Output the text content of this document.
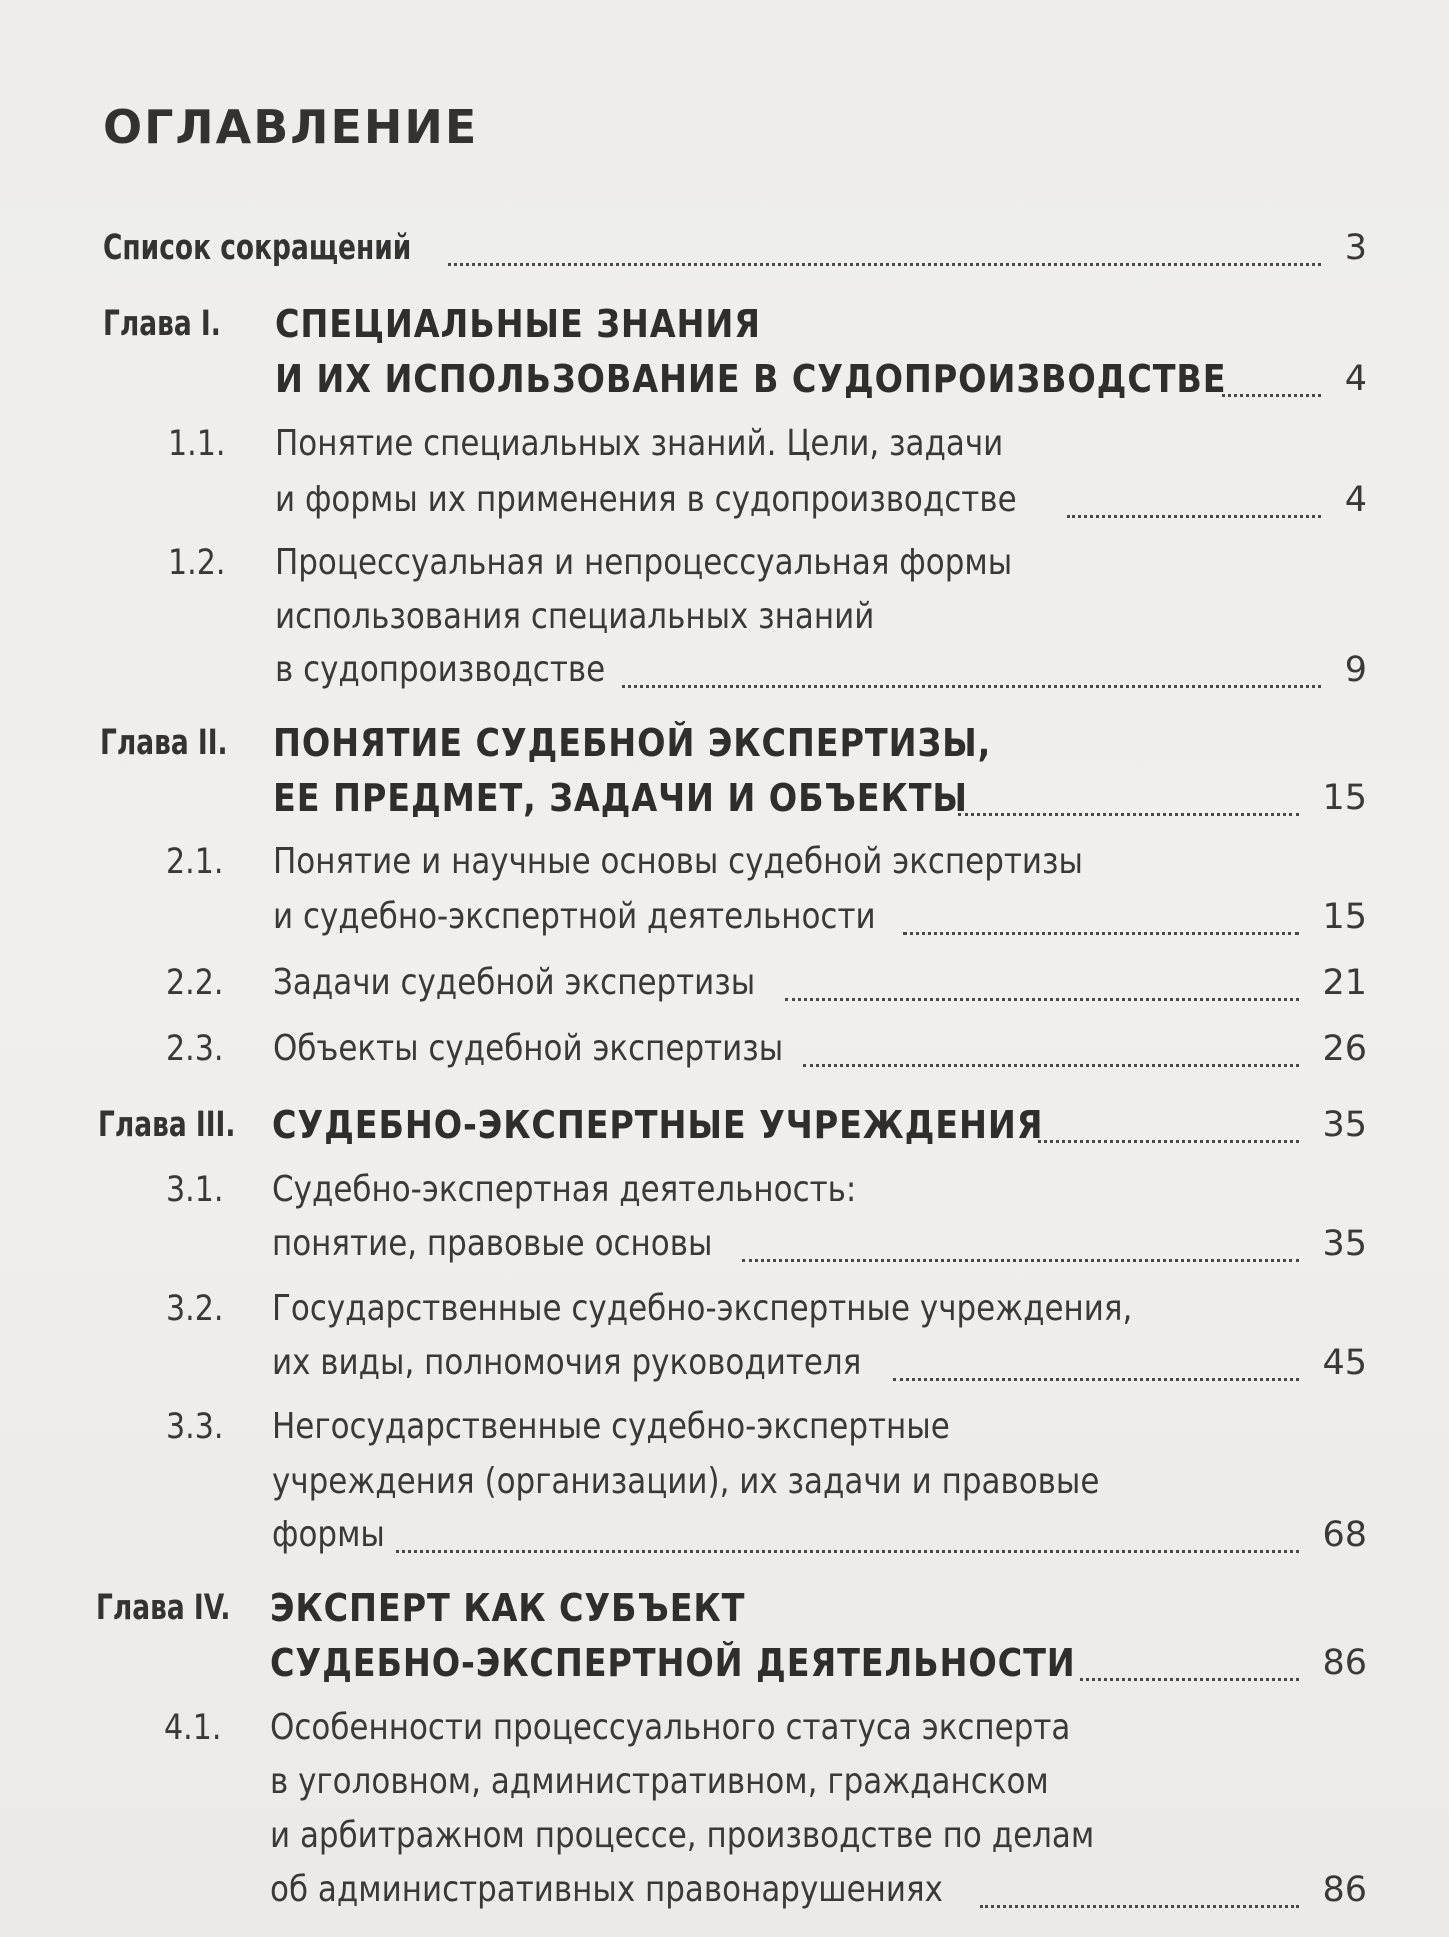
ОГЛАВЛЕНИЕ
Список сокращений	3
Глава I. СПЕЦИАЛЬНЫЕ ЗНАНИЯ
И ИХ ИСПОЛЬЗОВАНИЕ В СУДОПРОИЗВОДСТВЕ	4
1.1. Понятие специальных знаний. Цели, задачи
и формы их применения в судопроизводстве	4
1.2. Процессуальная и непроцессуальная формы
использования специальных знаний
в судопроизводстве	9
Глава II. ПОНЯТИЕ СУДЕБНОЙ ЭКСПЕРТИЗЫ,
ЕЕ ПРЕДМЕТ, ЗАДАЧИ И ОБЪЕКТЫ	15
2.1. Понятие и научные основы судебной экспертизы
и судебно-экспертной деятельности	15
2.2. Задачи судебной экспертизы	21
2.3. Объекты судебной экспертизы	26
Глава III. СУДЕБНО-ЭКСПЕРТНЫЕ УЧРЕЖДЕНИЯ	35
3.1. Судебно-экспертная деятельность:
понятие, правовые основы	35
3.2. Государственные судебно-экспертные учреждения,
их виды, полномочия руководителя	45
3.3. Негосударственные судебно-экспертные
учреждения (организации), их задачи и правовые
формы	68
Глава IV. ЭКСПЕРТ КАК СУБЪЕКТ
СУДЕБНО-ЭКСПЕРТНОЙ ДЕЯТЕЛЬНОСТИ	86
4.1. Особенности процессуального статуса эксперта
в уголовном, административном, гражданском
и арбитражном процессе, производстве по делам
об административных правонарушениях	86
